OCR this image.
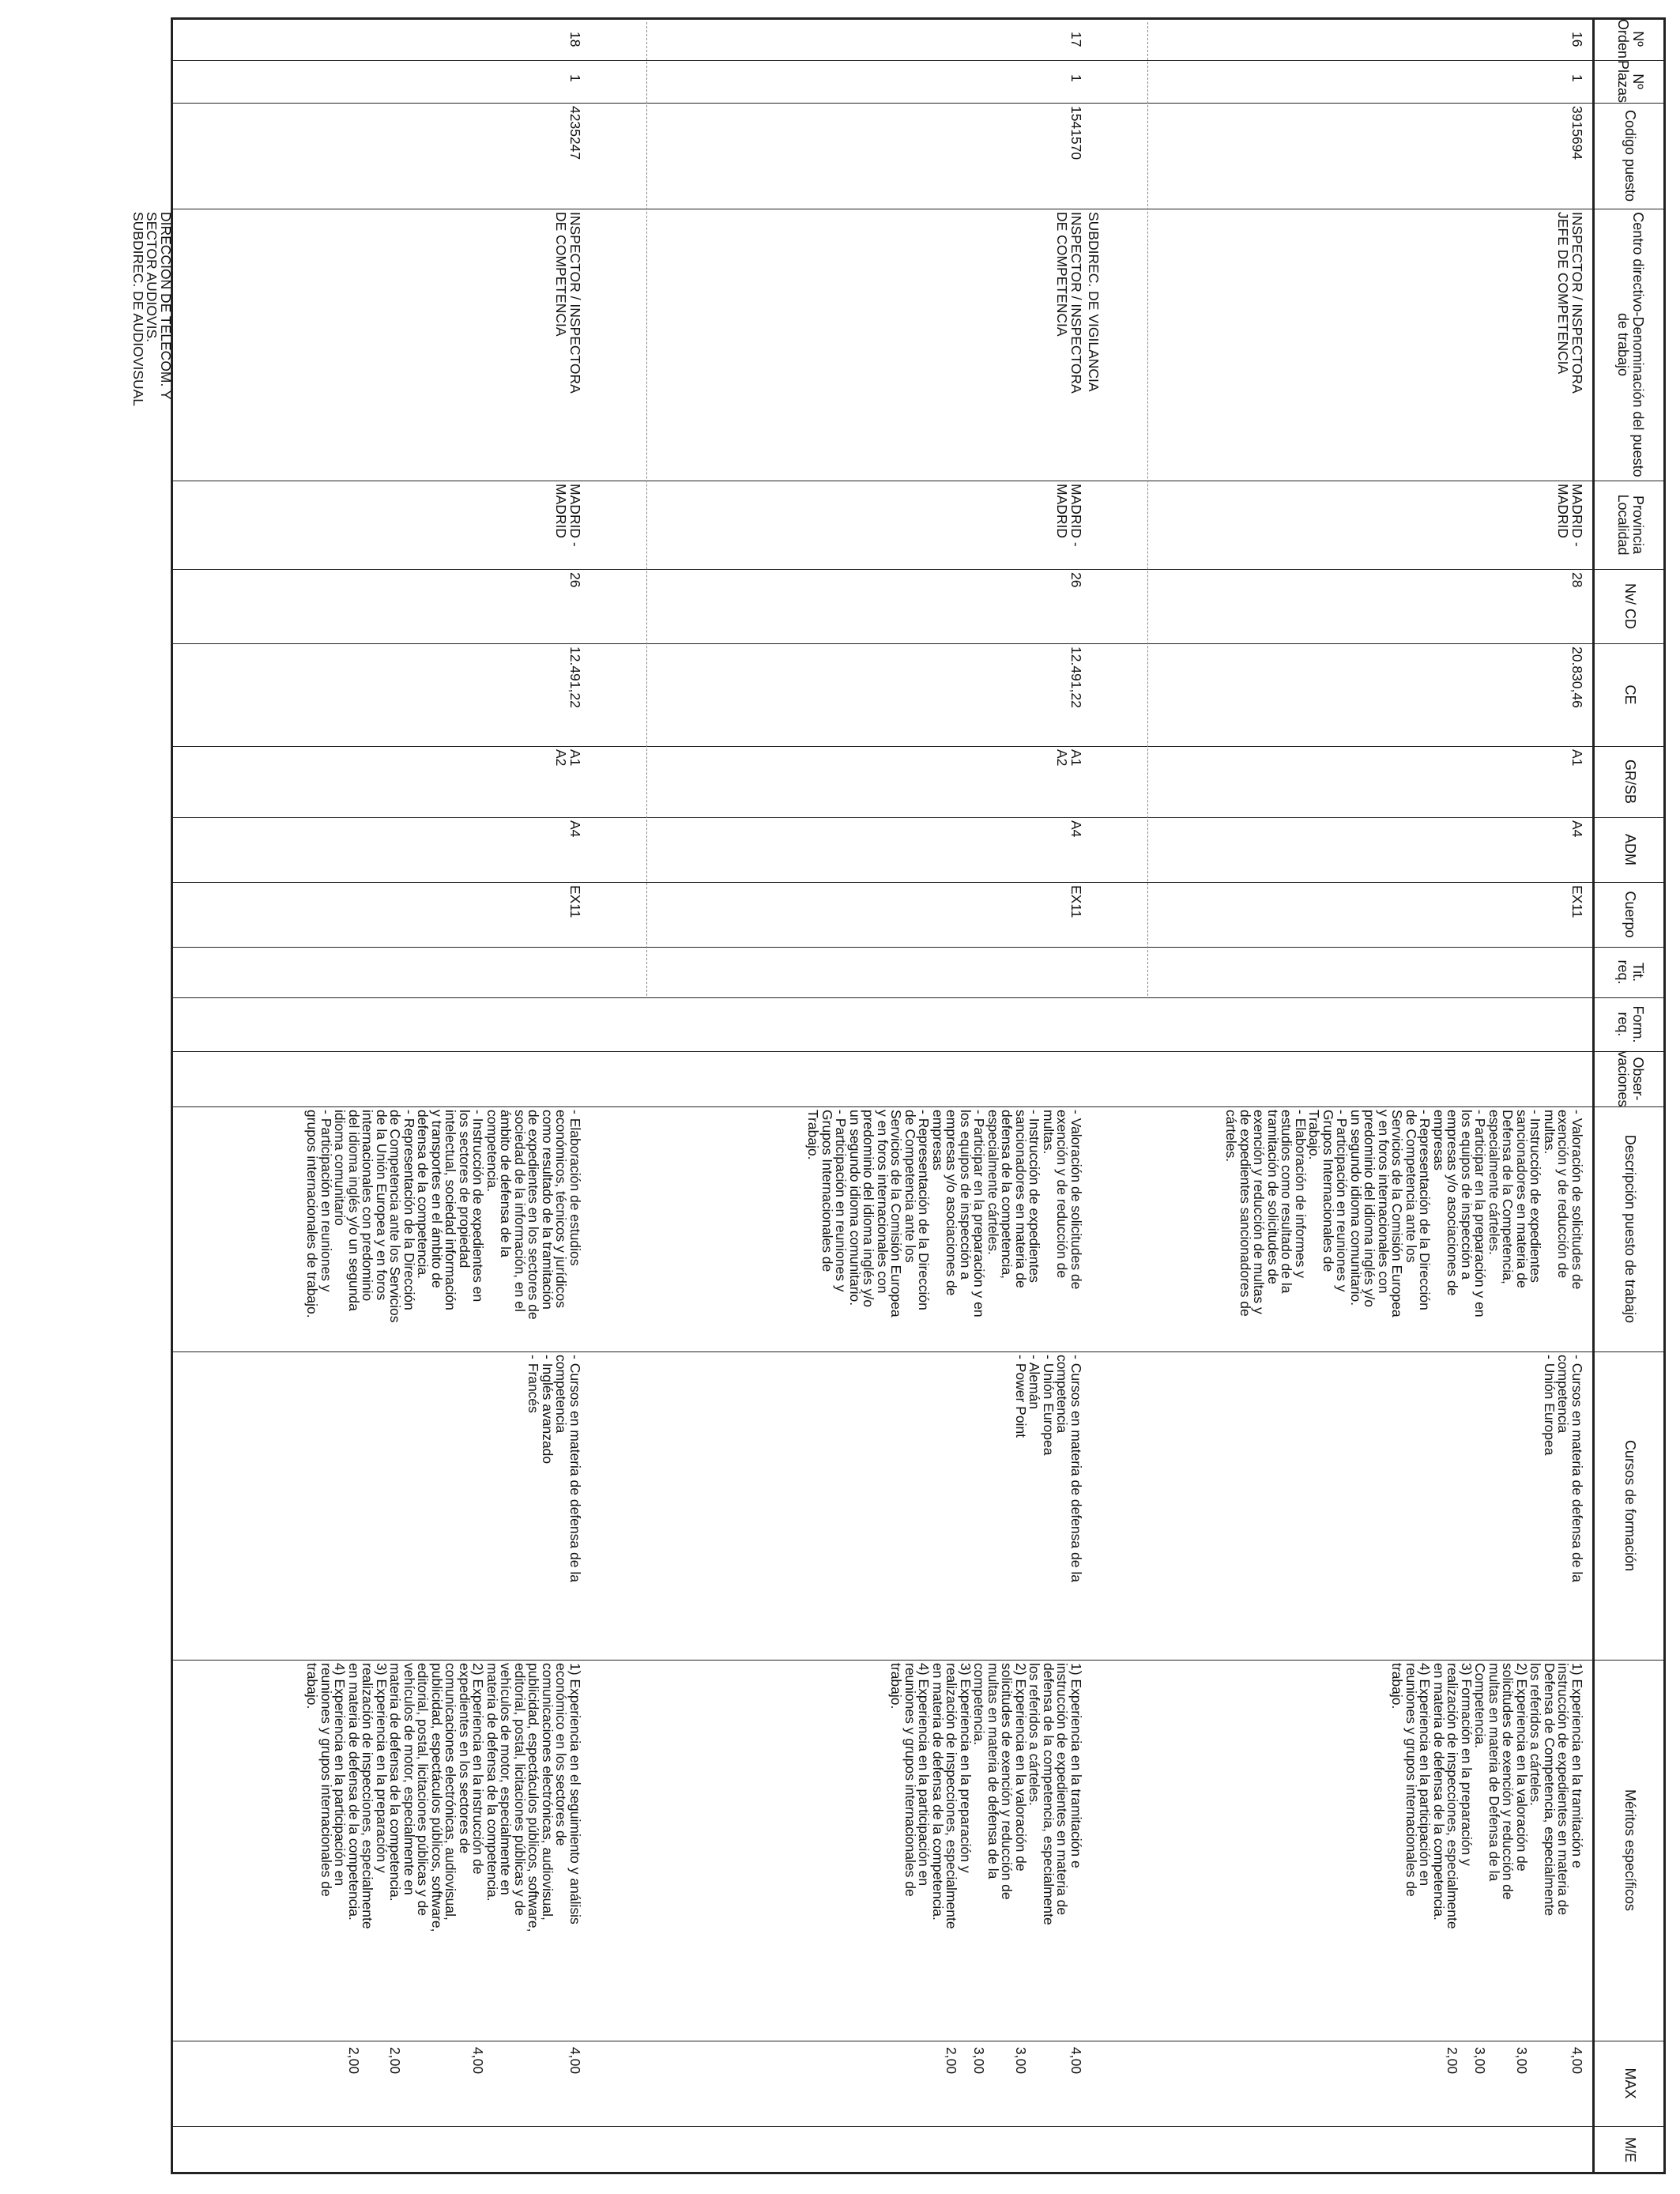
Nº Orden
Nº Plazas
Codigo puesto
Centro directivo-Denominación del puesto de trabajo
Provincia Localidad
Nv/ CD
CE
GR/SB
ADM
Cuerpo
Tit. req.
Form. req.
Obser-vaciones
Descripción puesto de trabajo
Cursos de formación
Méritos específicos
MAX
M/E
16
1
3915694
INSPECTOR / INSPECTORA
JEFE DE COMPETENCIA
MADRID -
MADRID
28
20.830,46
A1
A4
EX11
- Valoración de solicitudes de
exención y de reducción de
multas.
- Instrucción de expedientes
sancionadores en materia de
Defensa de la Competencia,
especialmente cárteles.
- Participar en la preparación y en
los equipos de inspección a
empresas y/o asociaciones de
empresas
- Representación de la Dirección
de Competencia ante los
Servicios de la Comisión Europea
y en foros internacionales con
predominio del idioma inglés y/o
un segundo idioma comunitario.
- Participación en reuniones y
Grupos Internacionales de
Trabajo.
- Elaboración de informes y
estudios como resultado de la
tramitación de solicitudes de
exención y reducción de multas y
de expedientes sancionadores de
cárteles.
- Cursos en materia de defensa de la
competencia
- Unión Europea
1) Experiencia en la tramitación e
instrucción de expedientes en materia de
Defensa de Competencia, especialmente
los referidos a cárteles.
2) Experiencia en la valoración de
solicitudes de exención y reducción de
multas en materia de Defensa de la
Competencia.
3) Formación en la preparación y
realización de inspecciones, especialmente
en materia de defensa de la competencia.
4) Experiencia en la participación en
reuniones y grupos internacionales de
trabajo.
4,00
3,00
3,00
2,00
17
1
1541570
INSPECTOR / INSPECTORA
DE COMPETENCIA
MADRID -
MADRID
26
12.491,22
A1
A2
A4
EX11
- Valoración de solicitudes de
exención y de reducción de
multas.
- Instrucción de expedientes
sancionadores en materia de
defensa de la competencia,
especialmente cárteles.
- Participar en la preparación y en
los equipos de inspección a
empresas y/o asociaciones de
empresas
- Representación de la Dirección
de Competencia ante los
Servicios de la Comisión Europea
y en foros internacionales con
predominio del idioma inglés y/o
un segundo idioma comunitario.
- Participación en reuniones y
Grupos Internacionales de
Trabajo.
- Cursos en materia de defensa de la
competencia
- Unión Europea
- Alemán
- Power Point
1) Experiencia en la tramitación e
instrucción de expedientes en materia de
defensa de la competencia, especialmente
los referidos a cárteles.
2) Experiencia en la valoración de
solicitudes de exención y reducción de
multas en materia de defensa de la
competencia.
3) Experiencia en la preparación y
realización de inspecciones, especialmente
en materia de defensa de la competencia.
4) Experiencia en la participación en
reuniones y grupos internacionales de
trabajo.
SUBDIREC. DE VIGILANCIA
4,00
3,00
3,00
2,00
18
1
4235247
INSPECTOR / INSPECTORA
DE COMPETENCIA
MADRID -
MADRID
26
12.491,22
A1
A2
A4
EX11
- Elaboración de estudios
económicos, técnicos y jurídicos
como resultado de la tramitación
de expedientes en los sectores de
sociedad de la información, en el
ámbito de defensa de la
competencia.
- Instrucción de expedientes en
los sectores de propiedad
intelectual, sociedad información
y transportes en el ámbito de
defensa de la competencia.
- Representación de la Dirección
de Competencia ante los Servicios
de la Unión Europea y en foros
internacionales con predominio
del idioma inglés y/o un segunda
idioma comunitario
- Participación en reuniones y
grupos internacionales de trabajo.
- Cursos en materia de defensa de la
competencia
- Inglés avanzado
- Francés
1) Experiencia en el seguimiento y análisis
económico en los sectores de
comunicaciones electrónicas, audiovisual,
publicidad, espectáculos públicos, software,
editorial, postal, licitaciones públicas y de
vehículos de motor, especialmente en
materia de defensa de la competencia.
2) Experiencia en la instrucción de
expedientes en los sectores de
comunicaciones electrónicas, audiovisual,
publicidad, espectáculos públicos, software,
editorial, postal, licitaciones públicas y de
vehículos de motor, especialmente en
materia de defensa de la competencia.
3) Experiencia en la preparación y
realización de inspecciones, especialmente
en materia de defensa de la competencia.
4) Experiencia en la participación en
reuniones y grupos internacionales de
trabajo.
DIRECCION DE TELECOM. Y
SECTOR AUDIOVIS.
SUBDIREC. DE AUDIOVISUAL
4,00
4,00
2,00
2,00
